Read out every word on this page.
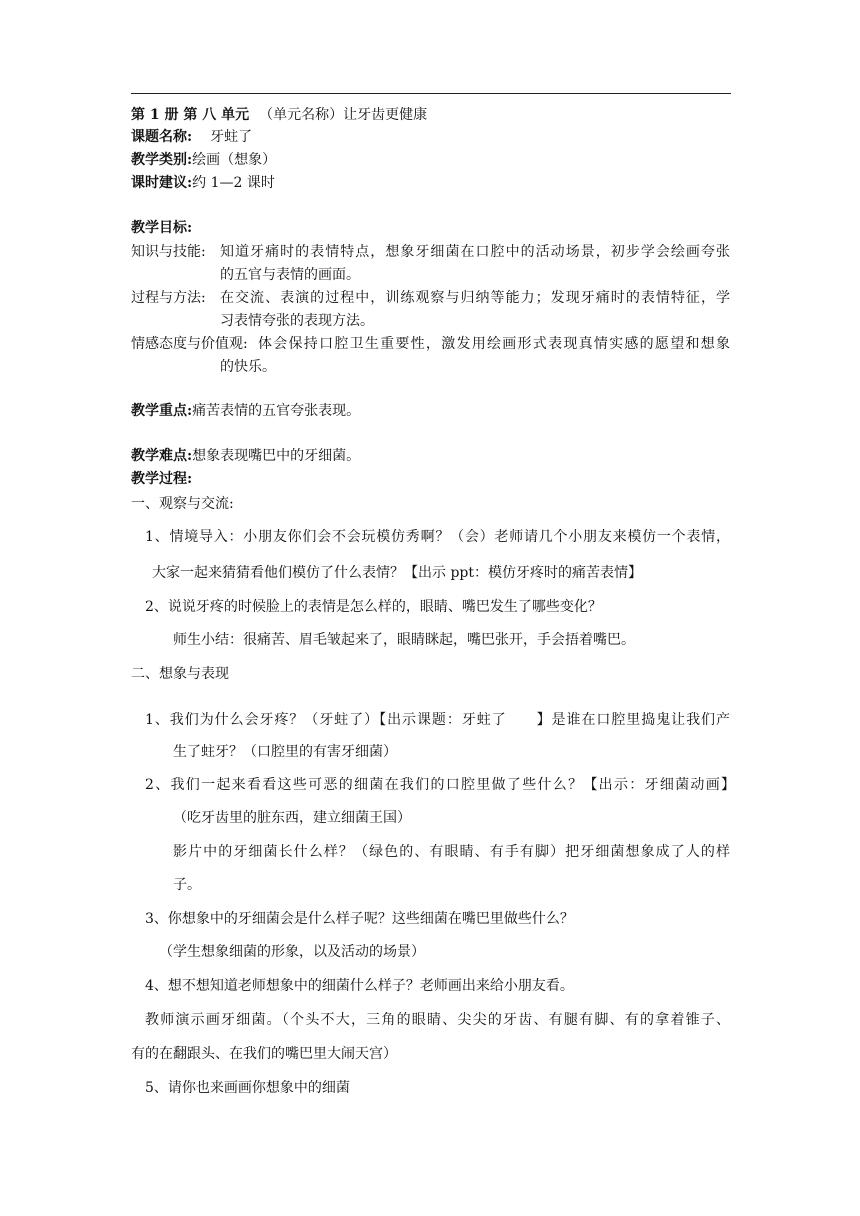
第 1 册 第 八 单元 （单元名称）让牙齿更健康
课题名称: 牙蛀了
教学类别:绘画（想象）
课时建议:约 1—2 课时
教学目标:
知识与技能: 知道牙痛时的表情特点，想象牙细菌在口腔中的活动场景，初步学会绘画夸张
的五官与表情的画面。
过程与方法: 在交流、表演的过程中，训练观察与归纳等能力；发现牙痛时的表情特征，学
习表情夸张的表现方法。
情感态度与价值观: 体会保持口腔卫生重要性，激发用绘画形式表现真情实感的愿望和想象
的快乐。
教学重点:痛苦表情的五官夸张表现。
教学难点:想象表现嘴巴中的牙细菌。
教学过程:
一、观察与交流:
1、情境导入：小朋友你们会不会玩模仿秀啊？（会）老师请几个小朋友来模仿一个表情，
大家一起来猜猜看他们模仿了什么表情？【出示 ppt：模仿牙疼时的痛苦表情】
2、说说牙疼的时候脸上的表情是怎么样的，眼睛、嘴巴发生了哪些变化？
师生小结：很痛苦、眉毛皱起来了，眼睛眯起，嘴巴张开，手会捂着嘴巴。
二、想象与表现
1、我们为什么会牙疼？（牙蛀了）【出示课题：牙蛀了　　】是谁在口腔里捣鬼让我们产
生了蛀牙？（口腔里的有害牙细菌）
2、我们一起来看看这些可恶的细菌在我们的口腔里做了些什么？【出示：牙细菌动画】
（吃牙齿里的脏东西，建立细菌王国）
影片中的牙细菌长什么样？（绿色的、有眼睛、有手有脚）把牙细菌想象成了人的样
子。
3、你想象中的牙细菌会是什么样子呢？这些细菌在嘴巴里做些什么？
（学生想象细菌的形象，以及活动的场景）
4、想不想知道老师想象中的细菌什么样子？老师画出来给小朋友看。
教师演示画牙细菌。（个头不大，三角的眼睛、尖尖的牙齿、有腿有脚、有的拿着锥子、
有的在翻跟头、在我们的嘴巴里大闹天宫）
5、请你也来画画你想象中的细菌
